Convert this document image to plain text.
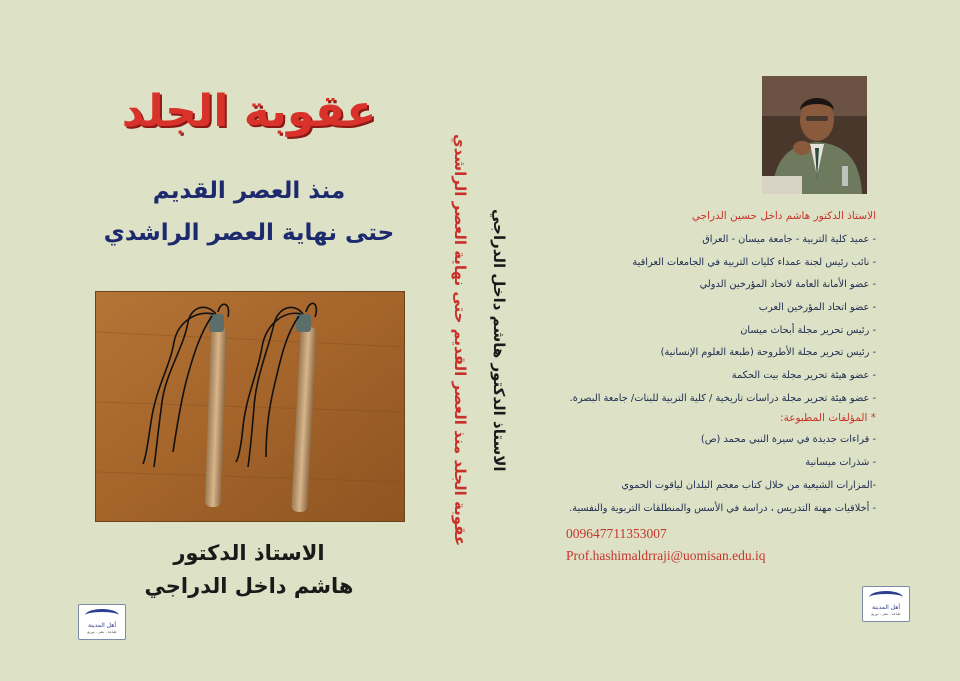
عقوبة الجلد
منذ العصر القديم
حتى نهاية العصر الراشدي
الاستاذ الدكتور
هاشم داخل الدراجي
أهل المدينة
طباعة - نشر - توزيع
الاستاذ الدكتور هاشم داخل الدراجي
عقوبة الجلد منذ العصر القديم حتى نهاية العصر الراشدي	الاستاذ الدكتور هاشم داخل حسين الدراجي
- عميد كلية التربية - جامعة ميسان - العراق
- نائب رئيس لجنة عمداء كليات التربية في الجامعات العراقية
- عضو الأمانة العامة لاتحاد المؤرخين الدولي
- عضو اتحاد المؤرخين العرب
- رئيس تحرير مجلة أبحاث ميسان
- رئيس تحرير مجلة الأطروحة (طبعة العلوم الإنسانية)
- عضو هيئة تحرير مجلة بيت الحكمة
- عضو هيئة تحرير مجلة دراسات تاريخية / كلية التربية للبنات/ جامعة البصرة.
* المؤلفات المطبوعة:
- قراءات جديدة في سيرة النبي محمد (ص)
- شذرات ميسانية
-المزارات الشيعية من خلال كتاب معجم البلدان لياقوت الحموي
- أخلاقيات مهنة التدريس ، دراسة في الأسس والمنطلقات التربوية والنفسية.
009647711353007
Prof.hashimaldrraji@uomisan.edu.iq
أهل المدينة
طباعة - نشر - توزيع
